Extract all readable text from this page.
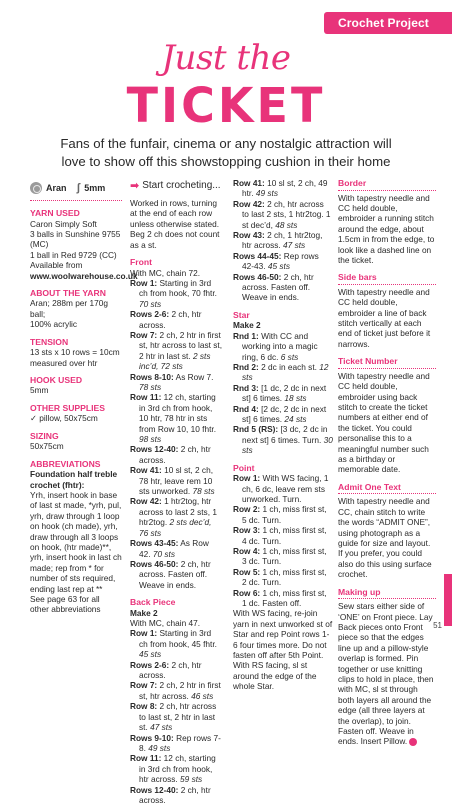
Crochet Project
Just the
TICKET
Fans of the funfair, cinema or any nostalgic attraction will love to show off this showstopping cushion in their home
Aran ʃ 5mm
YARN USED
Caron Simply Soft
3 balls in Sunshine 9755 (MC)
1 ball in Red 9729 (CC)
Available from
www.woolwarehouse.co.uk
ABOUT THE YARN
Aran; 288m per 170g ball;
100% acrylic
TENSION
13 sts x 10 rows = 10cm
measured over htr
HOOK USED
5mm
OTHER SUPPLIES
✓ pillow, 50x75cm
SIZING
50x75cm
ABBREVIATIONS
Foundation half treble crochet (fhtr):
Yrh, insert hook in base of last st made, *yrh, pul, yrh, draw through 1 loop on hook (ch made), yrh, draw through all 3 loops on hook, (htr made)**, yrh, insert hook in last ch made; rep from * for number of sts required, ending last rep at **
See page 63 for all
other abbreviations
➡ Start crocheting...
Worked in rows, turning at the end of each row unless otherwise stated.
Beg 2 ch does not count as a st.
Front
With MC, chain 72.
Row 1: Starting in 3rd ch from hook, 70 fhtr. 70 sts
Rows 2-6: 2 ch, htr across.
Row 7: 2 ch, 2 htr in first st, htr across to last st, 2 htr in last st. 2 sts inc’d, 72 sts
Rows 8-10: As Row 7. 78 sts
Row 11: 12 ch, starting in 3rd ch from hook, 10 htr, 78 htr in sts from Row 10, 10 fhtr. 98 sts
Rows 12-40: 2 ch, htr across.
Row 41: 10 sl st, 2 ch, 78 htr, leave rem 10 sts unworked. 78 sts
Row 42: 1 htr2tog, htr across to last 2 sts, 1 htr2tog. 2 sts dec’d, 76 sts
Rows 43-45: As Row 42. 70 sts
Rows 46-50: 2 ch, htr across. Fasten off. Weave in ends.
Back Piece
Make 2
With MC, chain 47.
Row 1: Starting in 3rd ch from hook, 45 fhtr. 45 sts
Rows 2-6: 2 ch, htr across.
Row 7: 2 ch, 2 htr in first st, htr across. 46 sts
Row 8: 2 ch, htr across to last st, 2 htr in last st. 47 sts
Rows 9-10: Rep rows 7-8. 49 sts
Row 11: 12 ch, starting in 3rd ch from hook, htr across. 59 sts
Rows 12-40: 2 ch, htr across.
Row 41: 10 sl st, 2 ch, 49 htr. 49 sts
Row 42: 2 ch, htr across to last 2 sts, 1 htr2tog. 1 st dec’d, 48 sts
Row 43: 2 ch, 1 htr2tog, htr across. 47 sts
Rows 44-45: Rep rows 42-43. 45 sts
Rows 46-50: 2 ch, htr across. Fasten off. Weave in ends.
Star
Make 2
Rnd 1: With CC and working into a magic ring, 6 dc. 6 sts
Rnd 2: 2 dc in each st. 12 sts
Rnd 3: [1 dc, 2 dc in next st] 6 times. 18 sts
Rnd 4: [2 dc, 2 dc in next st] 6 times. 24 sts
Rnd 5 (RS): [3 dc, 2 dc in next st] 6 times. Turn. 30 sts
Point
Row 1: With WS facing, 1 ch, 6 dc, leave rem sts unworked. Turn.
Row 2: 1 ch, miss first st, 5 dc. Turn.
Row 3: 1 ch, miss first st, 4 dc. Turn.
Row 4: 1 ch, miss first st, 3 dc. Turn.
Row 5: 1 ch, miss first st, 2 dc. Turn.
Row 6: 1 ch, miss first st, 1 dc. Fasten off.
With WS facing, re-join yarn in next unworked st of Star and rep Point rows 1-6 four times more. Do not fasten off after 5th Point.
With RS facing, sl st around the edge of the whole Star.
Border
With tapestry needle and CC held double, embroider a running stitch around the edge, about 1.5cm in from the edge, to look like a dashed line on the ticket.
Side bars
With tapestry needle and CC held double, embroider a line of back stitch vertically at each end of ticket just before it narrows.
Ticket Number
With tapestry needle and CC held double, embroider using back stitch to create the ticket numbers at either end of the ticket. You could personalise this to a meaningful number such as a birthday or memorable date.
Admit One Text
With tapestry needle and CC, chain stitch to write the words “ADMIT ONE”, using photograph as a guide for size and layout. If you prefer, you could also do this using surface crochet.
Making up
Sew stars either side of ‘ONE’ on Front piece. Lay Back pieces onto Front piece so that the edges line up and a pillow-style overlap is formed. Pin together or use knitting clips to hold in place, then with MC, sl st through both layers all around the edge (all three layers at the overlap), to join. Fasten off. Weave in ends. Insert Pillow.
51
